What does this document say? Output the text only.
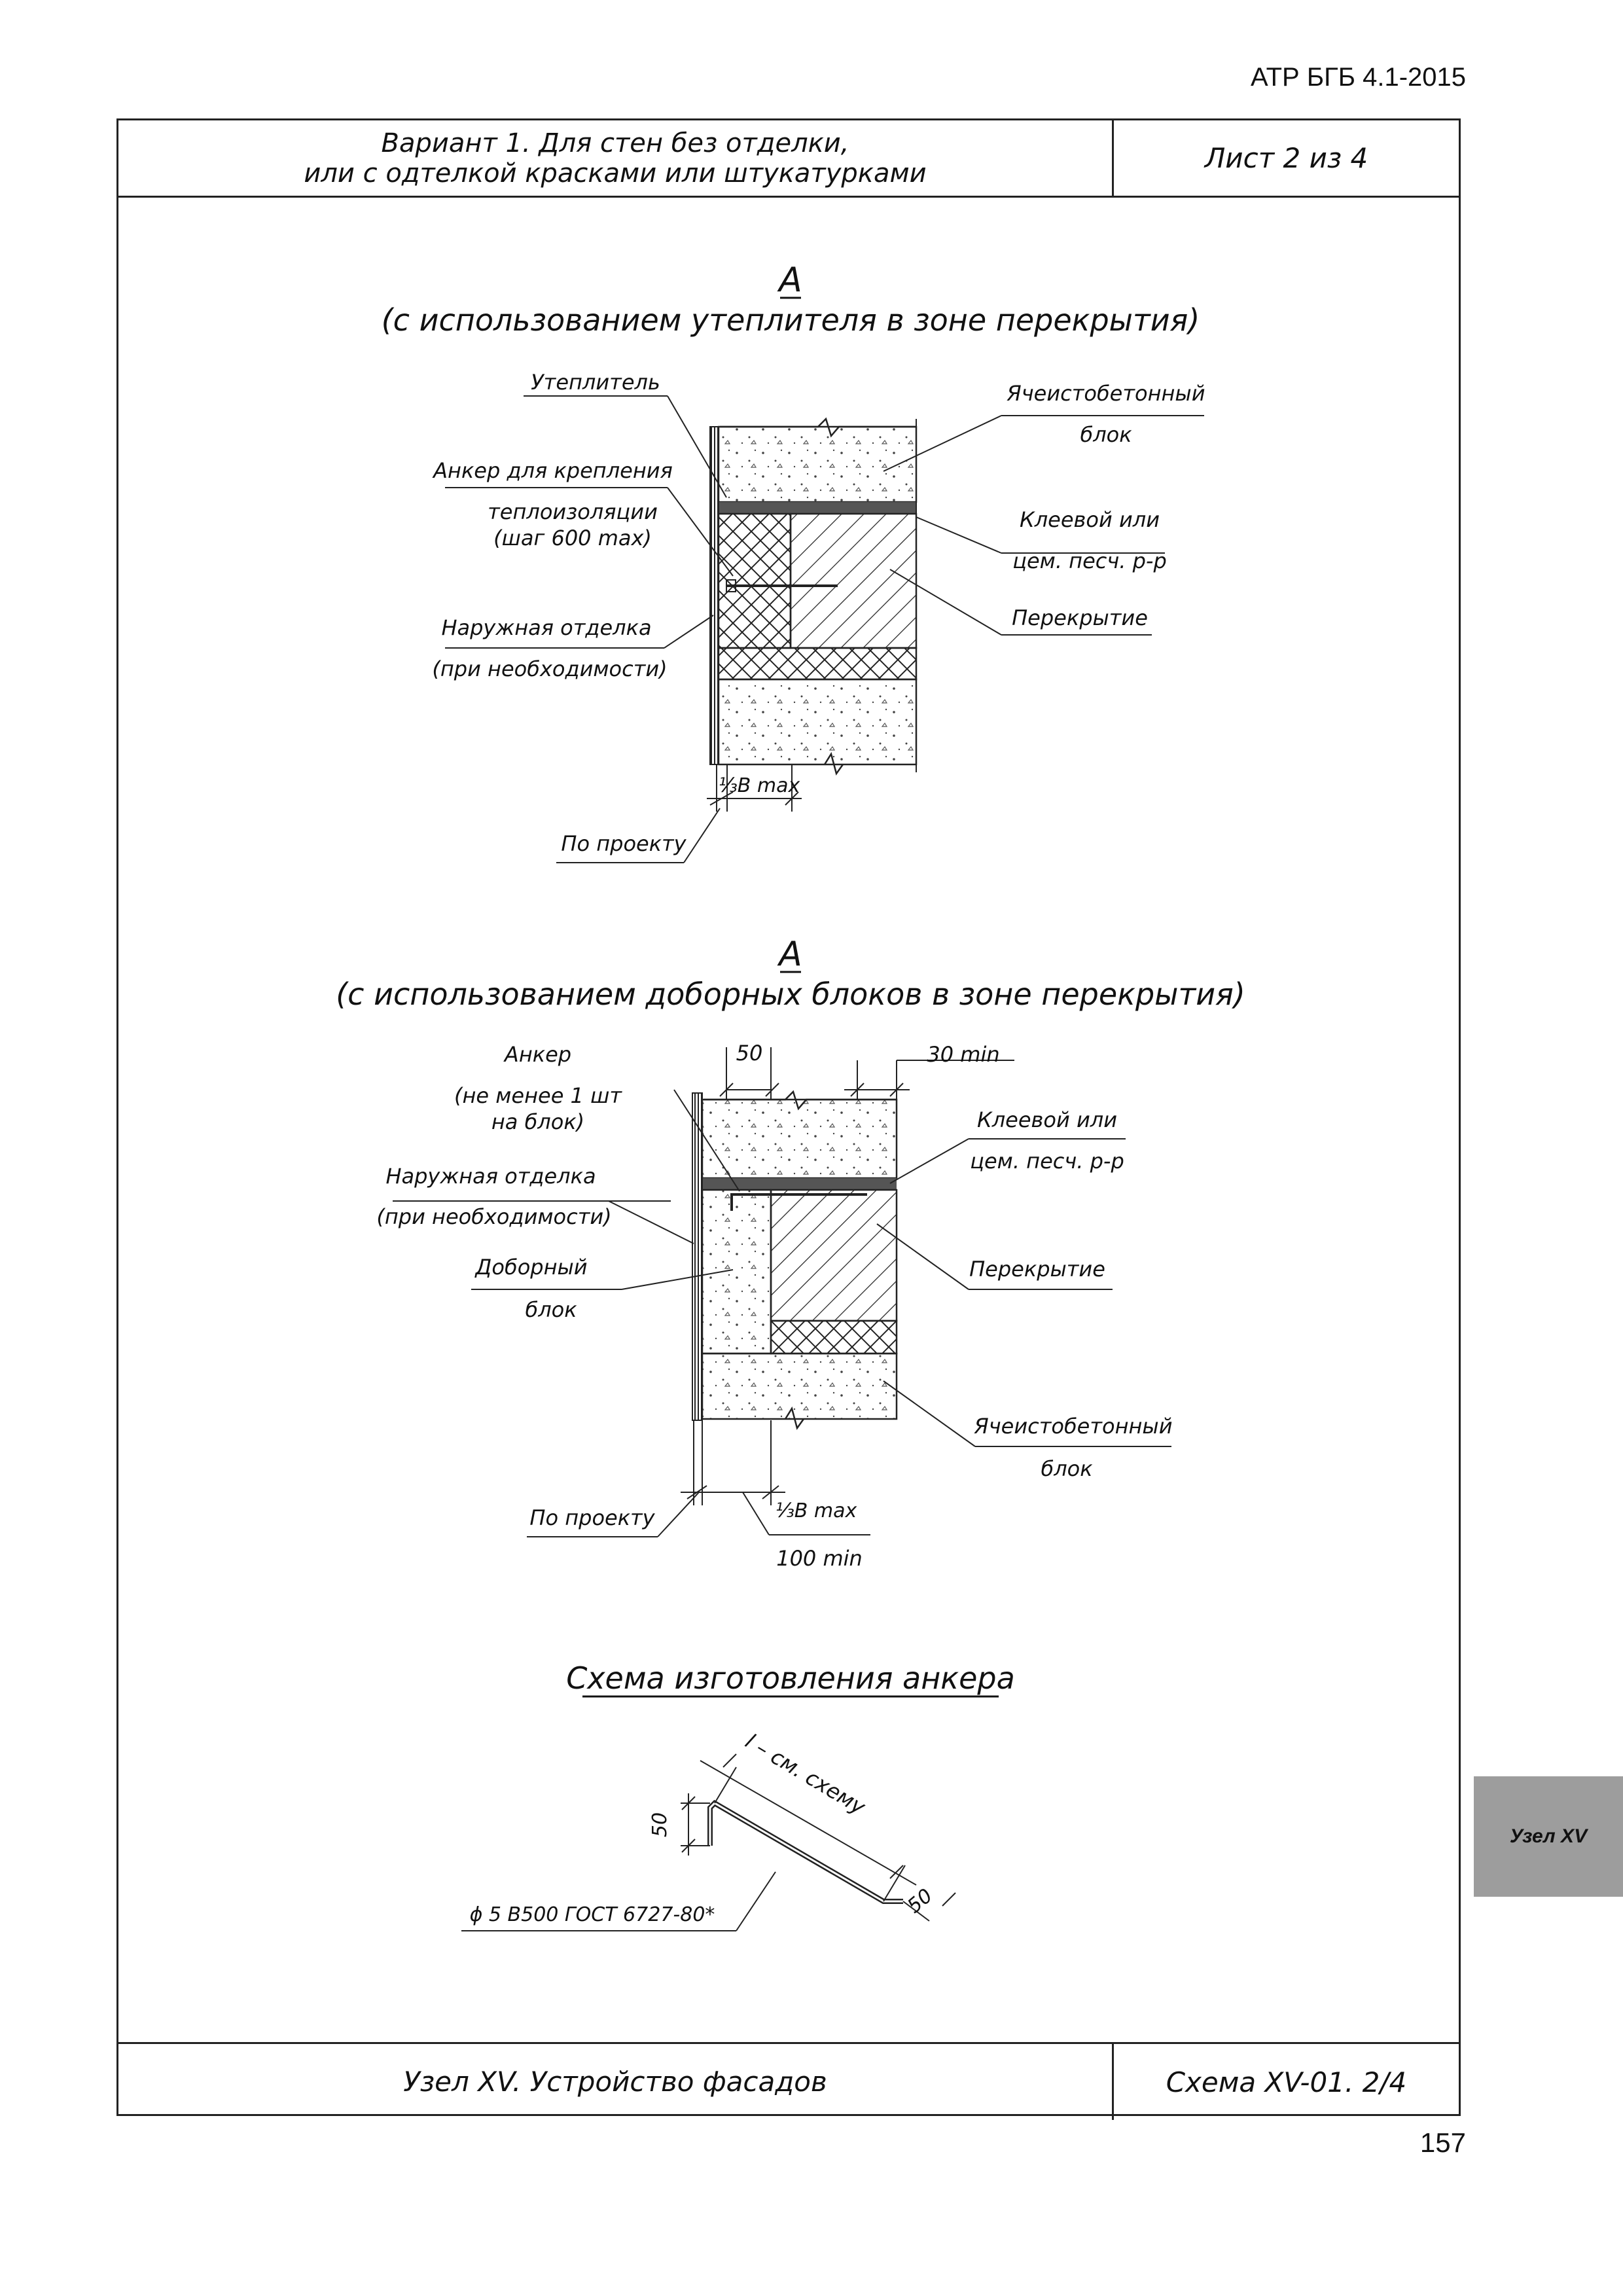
АТР БГБ 4.1-2015
Вариант 1. Для стен без отделки,
или с одтелкой красками или штукатурками	Лист 2 из 4
Узел XV. Устройство фасадов	Схема XV-01. 2/4
А
(с использованием утеплителя в зоне перекрытия)
Утеплитель
Анкер для крепления
теплоизоляции
(шаг 600 max)
Наружная отделка
(при необходимости)
Ячеистобетонный
блок
Клеевой или
цем. песч. р-р
Перекрытие
⅓В max
По проекту
А
(с использованием доборных блоков в зоне перекрытия)
Анкер
(не менее 1 шт
на блок)
Наружная отделка
(при необходимости)
Доборный
блок
Клеевой или
цем. песч. р-р
Перекрытие
Ячеистобетонный
блок
50	30 min
⅓В max
100 min
По проекту
Схема изготовления анкера
l – см. схему
50
50
ϕ 5 B500 ГОСТ 6727-80*
Узел XV
157
